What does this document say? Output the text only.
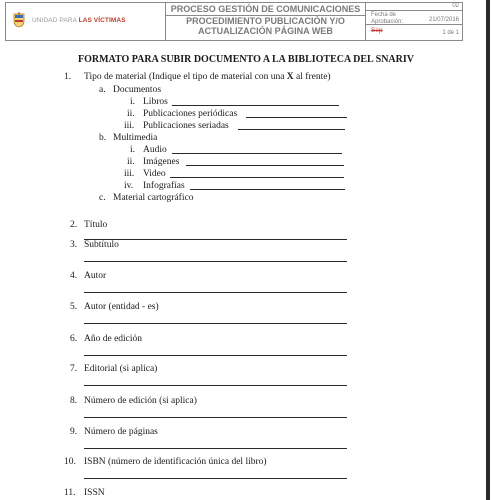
UNIDAD PARA LAS VÍCTIMAS
PROCESO GESTIÓN DE COMUNICACIONES
PROCEDIMIENTO PUBLICACIÓN Y/O ACTUALIZACIÓN PÁGINA WEB
02
Fecha de Aprobación:	21/07/2016
Sep	1 de 1
FORMATO PARA SUBIR DOCUMENTO A LA BIBLIOTECA DEL SNARIV
1. Tipo de material (Indique el tipo de material con una X al frente)
a. Documentos
i. Libros
ii. Publicaciones periódicas
iii. Publicaciones seriadas
b. Multimedia
i. Audio
ii. Imágenes
iii. Video
iv. Infografías
c. Material cartográfico
2. Título
3. Subtítulo
4. Autor
5. Autor (entidad - es)
6. Año de edición
7. Editorial (si aplica)
8. Número de edición (si aplica)
9. Número de páginas
10. ISBN (número de identificación única del libro)
11. ISSN
